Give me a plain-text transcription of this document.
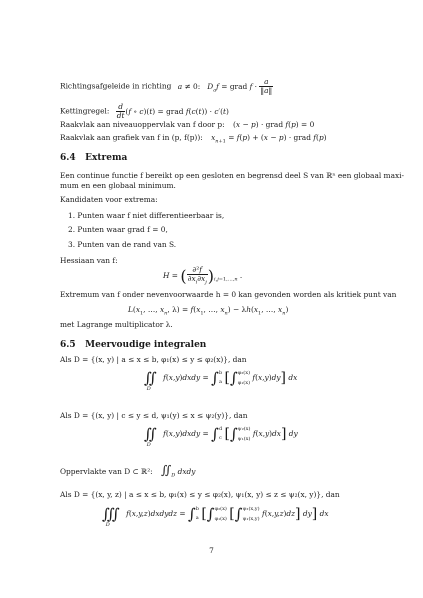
Richtingsafgeleide in richting a ≠ 0:   $D_af$ = grad $f \cdot \frac{a}{‖a‖}$
Kettingregel: $\frac{d}{dt} (f$ ∘ c)(t) = grad f(c(t)) · c′(t)
Raakvlak aan niveauoppervlak van f door p: (x − p) · grad f(p) = 0
Raakvlak aan grafiek van f in (p, f(p)): $x_{n+1} = f(p) + (x - p)$ · grad f(p)
6.4 Extrema
Een continue functie f bereikt op een gesloten en begrensd deel S van ℝⁿ een globaal maxi-
mum en een globaal minimum.
Kandidaten voor extrema:
1. Punten waar f niet differentieerbaar is,
2. Punten waar grad f = 0,
3. Punten van de rand van S.
Hessiaan van f:
H = ( $\frac{\text{∂²f}}{\partial x_i\partial x_j} )_{i,j=1,\dots,n}$ .
Extremum van f onder nevenvoorwaarde h = 0 kan gevonden worden als kritiek punt van
$L(x_1$, …, $x_n$, $\lambda) = f(x_1$, …, $x_n) - \lambda h(x_1$, …, $x_n$)
met Lagrange multiplicator λ.
6.5 Meervoudige integralen
Als D = {(x, y) | a ≤ x ≤ b, φ₁(x) ≤ y ≤ φ₂(x)}, dan
$∬_D$ f(x,y)dxdy = ∫b
a [∫φ₂(x)
φ₁(x) f(x,y)dy] dx
Als D = {(x, y) | c ≤ y ≤ d, ψ₁(y) ≤ x ≤ ψ₂(y)}, dan
$∬_D$ f(x,y)dxdy = ∫d
c [∫ψ₂(x)
ψ₁(x) f(x,y)dx] dy
Oppervlakte van D ⊂ ℝ²: $∬_D$ dxdy
Als D = {(x, y, z) | a ≤ x ≤ b, φ₁(x) ≤ y ≤ φ₂(x), ψ₁(x, y) ≤ z ≤ ψ₂(x, y)}, dan
$∭_D$ f(x,y,z)dxdydz = ∫b
a [∫φ₂(x)
φ₁(x) [∫ψ₂(x,y)
ψ₁(x,y) f(x,y,z)dz] dy] dx
7
